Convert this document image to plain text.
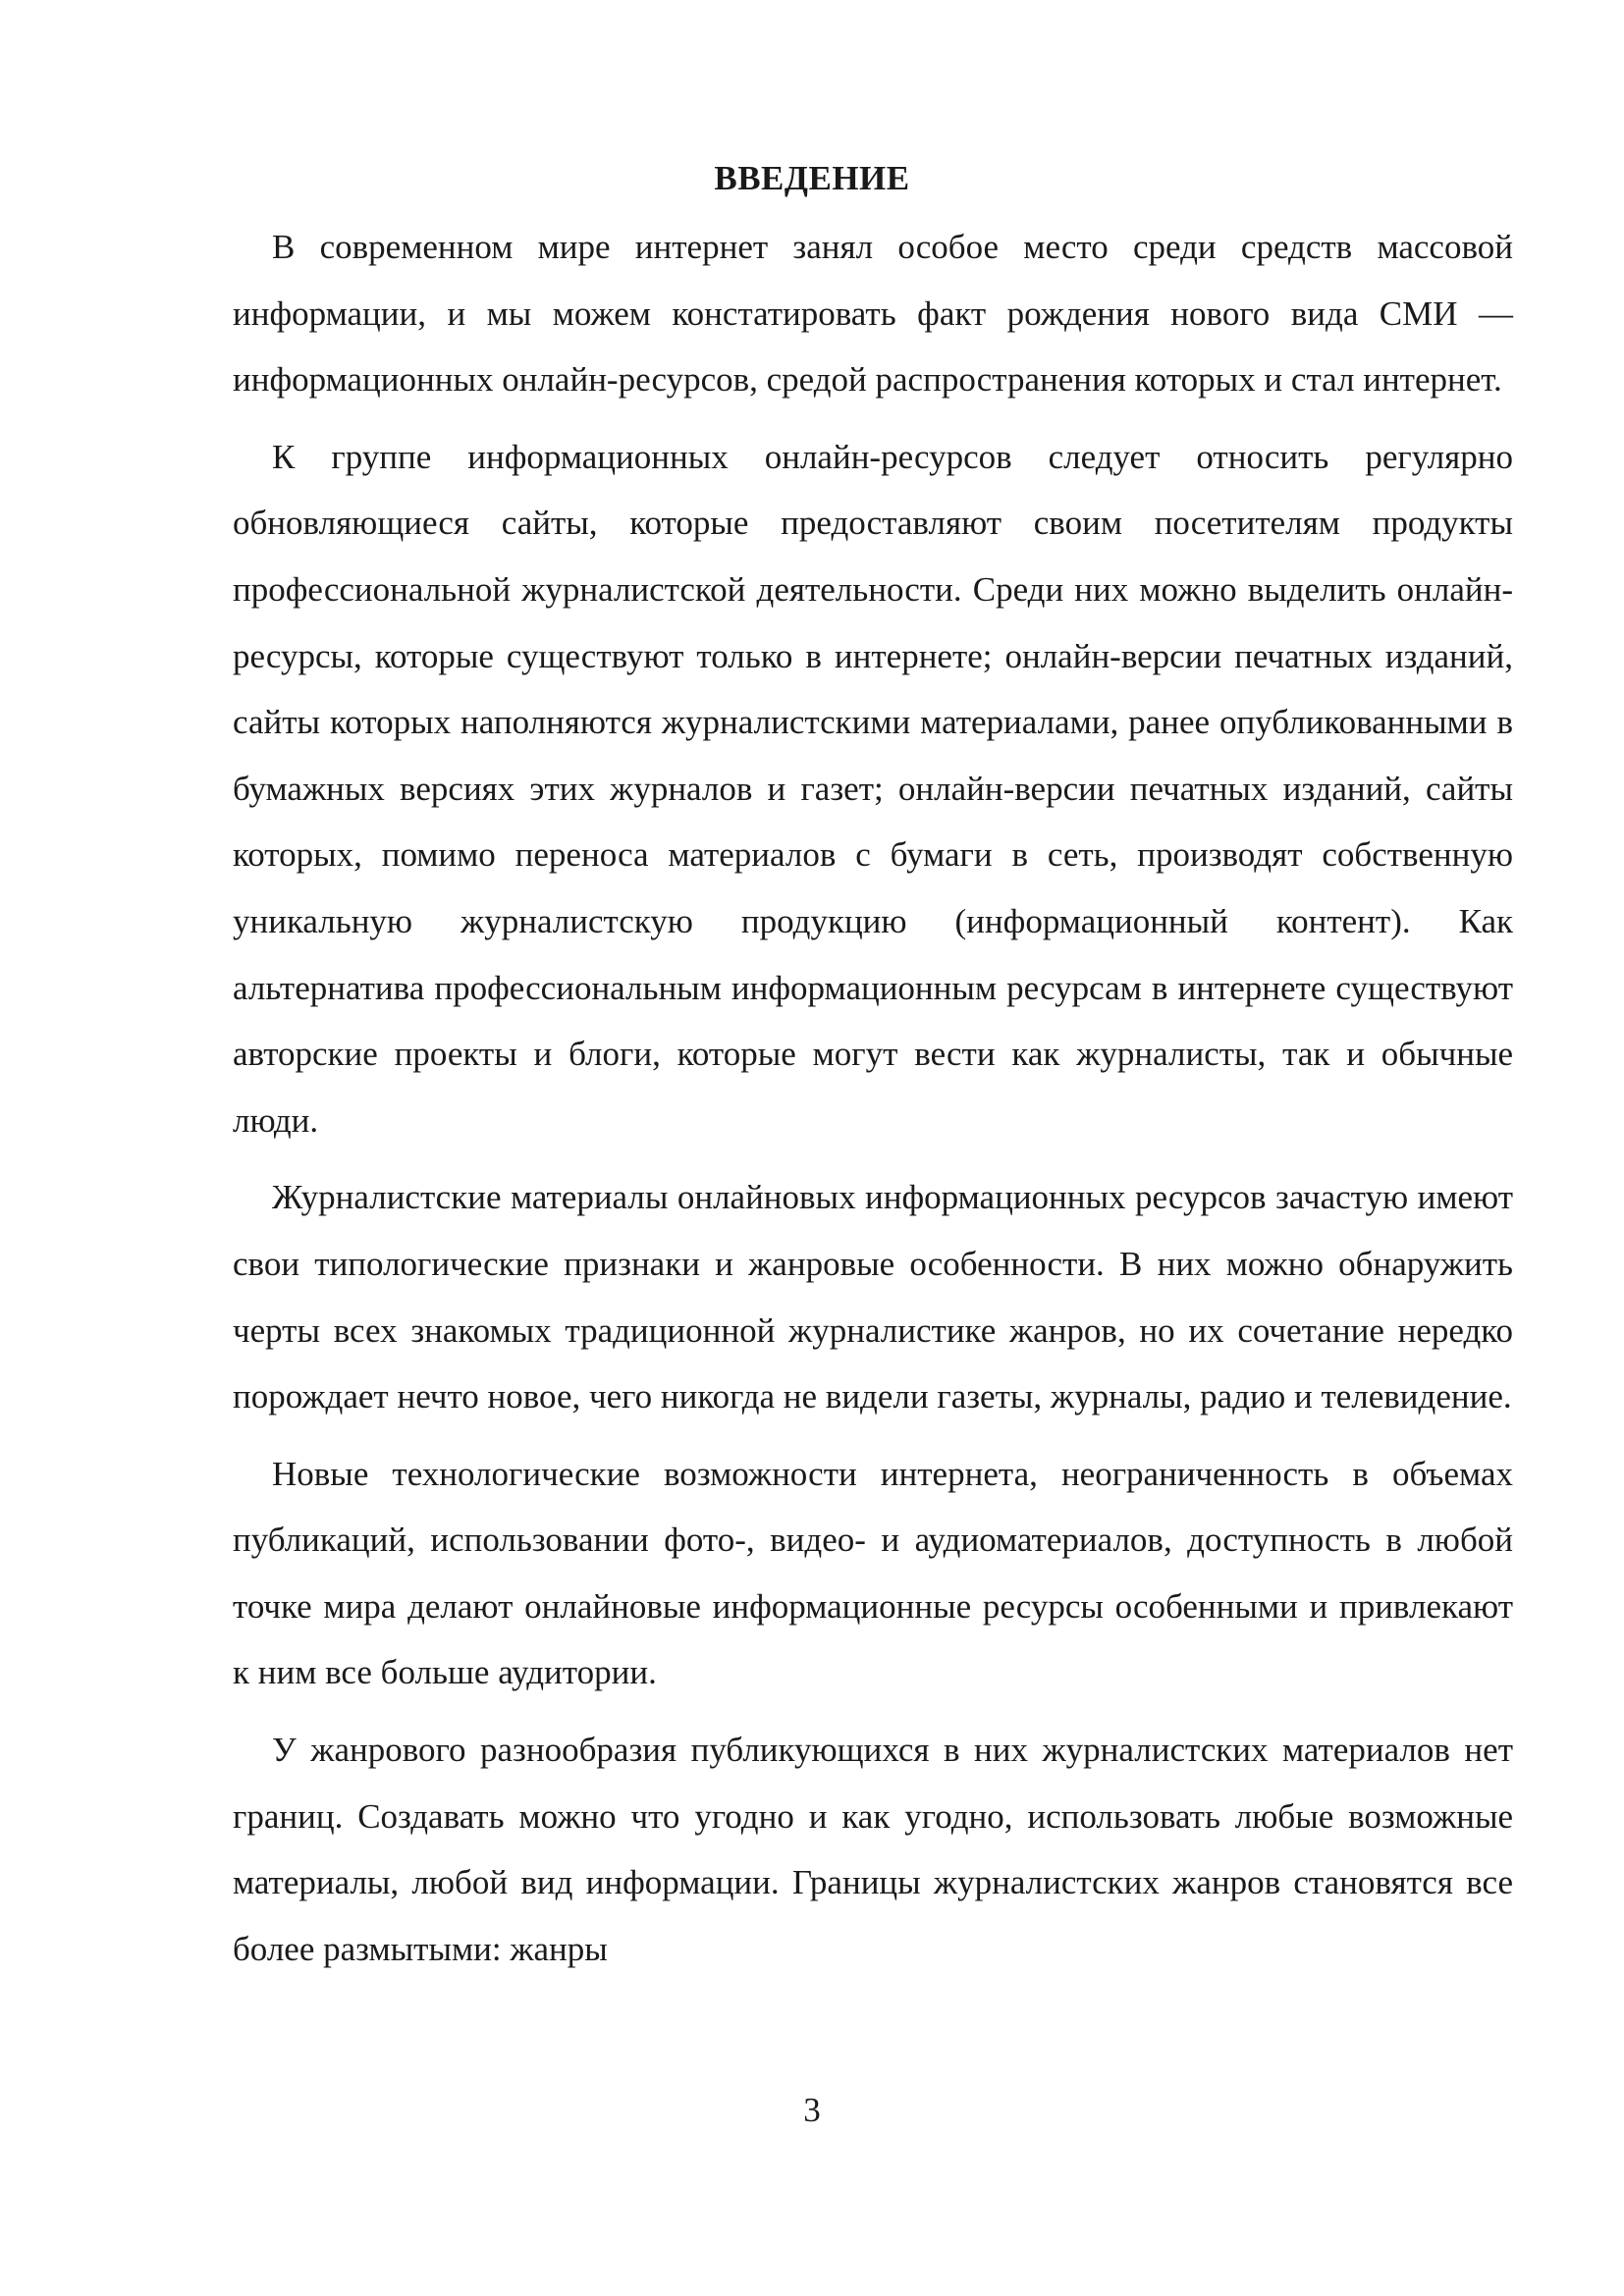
ВВЕДЕНИЕ

В современном мире интернет занял особое место среди средств массовой информации, и мы можем констатировать факт рождения нового вида СМИ — информационных онлайн-ресурсов, средой распространения которых и стал интернет.

К группе информационных онлайн-ресурсов следует относить регулярно обновляющиеся сайты, которые предоставляют своим посетителям продукты профессиональной журналистской деятельности. Среди них можно выделить онлайн-ресурсы, которые существуют только в интернете; онлайн-версии печатных изданий, сайты которых наполняются журналистскими материалами, ранее опубликованными в бумажных версиях этих журналов и газет; онлайн-версии печатных изданий, сайты которых, помимо переноса материалов с бумаги в сеть, производят собственную уникальную журналистскую продукцию (информационный контент). Как альтернатива профессиональным информационным ресурсам в интернете существуют авторские проекты и блоги, которые могут вести как журналисты, так и обычные люди.

Журналистские материалы онлайновых информационных ресурсов зачастую имеют свои типологические признаки и жанровые особенности. В них можно обнаружить черты всех знакомых традиционной журналистике жанров, но их сочетание нередко порождает нечто новое, чего никогда не видели газеты, журналы, радио и телевидение.

Новые технологические возможности интернета, неограниченность в объемах публикаций, использовании фото-, видео- и аудиоматериалов, доступность в любой точке мира делают онлайновые информационные ресурсы особенными и привлекают к ним все больше аудитории.

У жанрового разнообразия публикующихся в них журналистских материалов нет границ. Создавать можно что угодно и как угодно, использовать любые возможные материалы, любой вид информации. Границы журналистских жанров становятся все более размытыми: жанры

3
